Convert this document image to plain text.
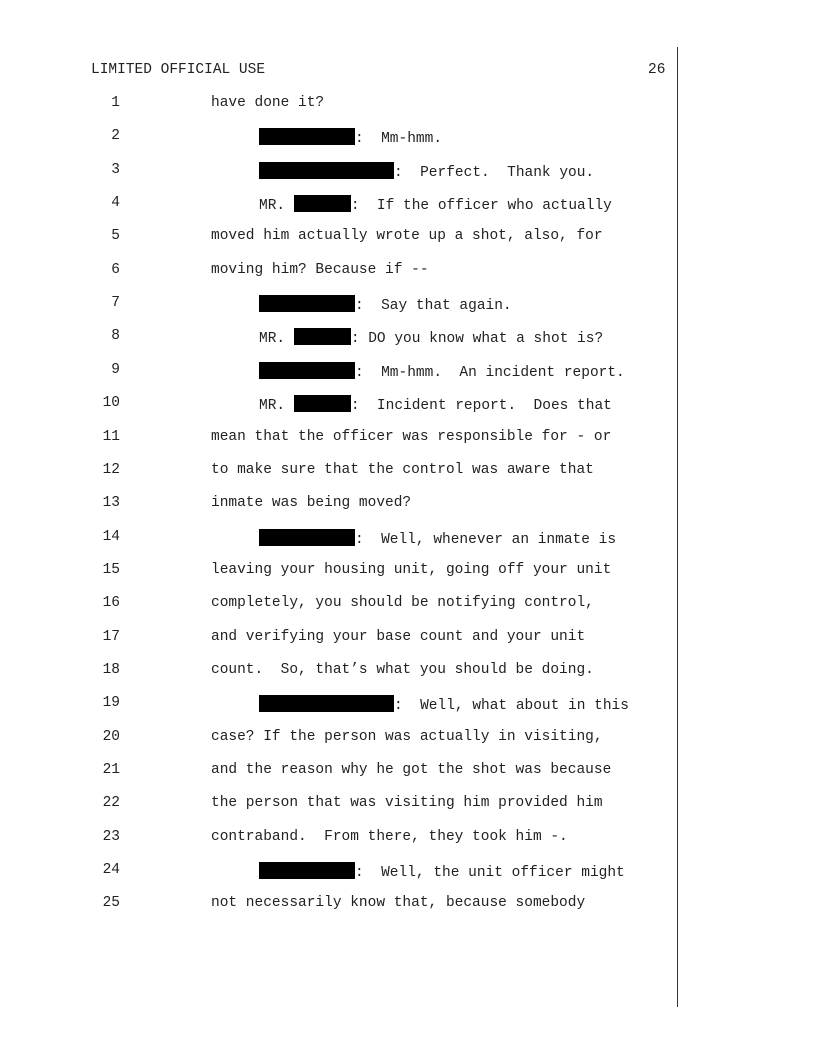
LIMITED OFFICIAL USE	26
1	have done it?
2	:  Mm-hmm.
3	:  Perfect.  Thank you.
4	MR.	:  If the officer who actually
5	moved him actually wrote up a shot, also, for
6	moving him? Because if --
7	:  Say that again.
8	MR.	: DO you know what a shot is?
9	:  Mm-hmm.  An incident report.
10	MR.	:  Incident report.  Does that
11	mean that the officer was responsible for - or
12	to make sure that the control was aware that
13	inmate was being moved?
14	:  Well, whenever an inmate is
15	leaving your housing unit, going off your unit
16	completely, you should be notifying control,
17	and verifying your base count and your unit
18	count.  So, that’s what you should be doing.
19	:  Well, what about in this
20	case? If the person was actually in visiting,
21	and the reason why he got the shot was because
22	the person that was visiting him provided him
23	contraband.  From there, they took him -.
24	:  Well, the unit officer might
25	not necessarily know that, because somebody
